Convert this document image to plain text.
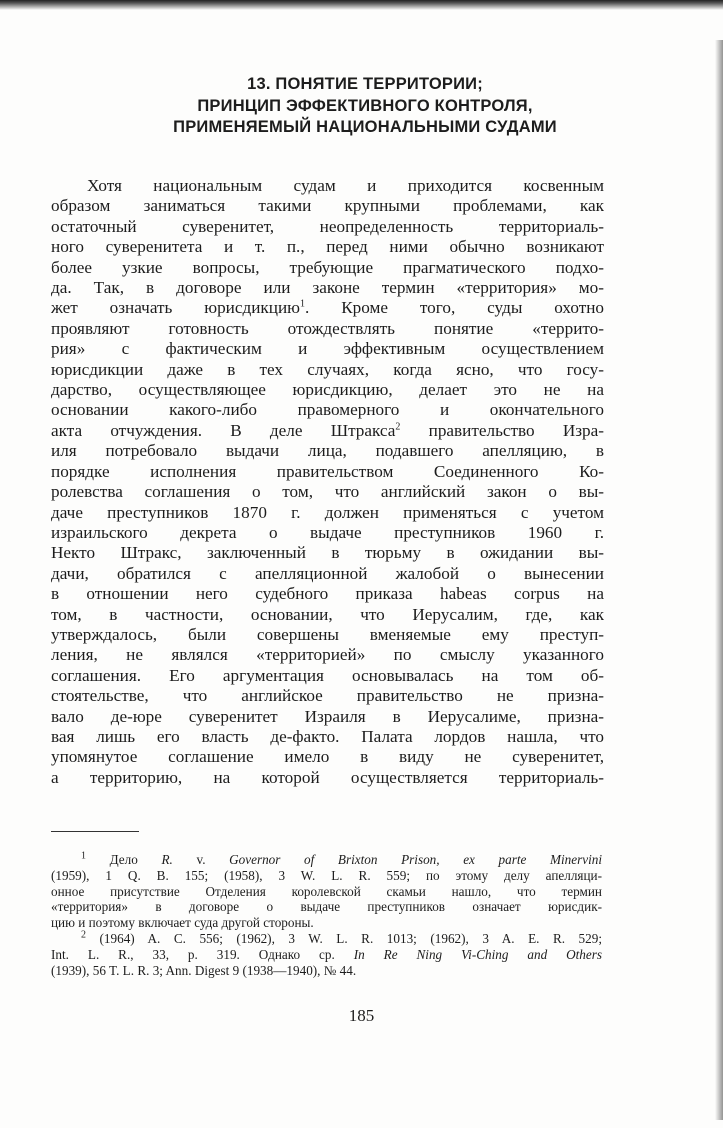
13. ПОНЯТИЕ ТЕРРИТОРИИ;
ПРИНЦИП ЭФФЕКТИВНОГО КОНТРОЛЯ,
ПРИМЕНЯЕМЫЙ НАЦИОНАЛЬНЫМИ СУДАМИ
Хотя национальным судам и приходится косвенным
образом заниматься такими крупными проблемами, как
остаточный суверенитет, неопределенность территориаль-
ного суверенитета и т. п., перед ними обычно возникают
более узкие вопросы, требующие прагматического подхо-
да. Так, в договоре или законе термин «территория» мо-
жет означать юрисдикцию$^1$. Кроме того, суды охотно
проявляют готовность отождествлять понятие «террито-
рия» с фактическим и эффективным осуществлением
юрисдикции даже в тех случаях, когда ясно, что госу-
дарство, осуществляющее юрисдикцию, делает это не на
основании какого-либо правомерного и окончательного
акта отчуждения. В деле Штракса$^2$ правительство Изра-
иля потребовало выдачи лица, подавшего апелляцию, в
порядке исполнения правительством Соединенного Ко-
ролевства соглашения о том, что английский закон о вы-
даче преступников 1870 г. должен применяться с учетом
израильского декрета о выдаче преступников 1960 г.
Некто Штракс, заключенный в тюрьму в ожидании вы-
дачи, обратился с апелляционной жалобой о вынесении
в отношении него судебного приказа habeas corpus на
том, в частности, основании, что Иерусалим, где, как
утверждалось, были совершены вменяемые ему преступ-
ления, не являлся «территорией» по смыслу указанного
соглашения. Его аргументация основывалась на том об-
стоятельстве, что английское правительство не призна-
вало де-юре суверенитет Израиля в Иерусалиме, призна-
вая лишь его власть де-факто. Палата лордов нашла, что
упомянутое соглашение имело в виду не суверенитет,
а территорию, на которой осуществляется территориаль-
$^1$ Дело R. v. Governor of Brixton Prison, ex parte Minervini
(1959), 1 Q. B. 155; (1958), 3 W. L. R. 559; по этому делу апелляци-
онное присутствие Отделения королевской скамьи нашло, что термин
«территория» в договоре о выдаче преступников означает юрисдик-
цию и поэтому включает суда другой стороны.
$^2$ (1964) A. C. 556; (1962), 3 W. L. R. 1013; (1962), 3 A. E. R. 529;
Int. L. R., 33, p. 319. Однако ср. In Re Ning Vi-Ching and Others
(1939), 56 T. L. R. 3; Ann. Digest 9 (1938—1940), № 44.
185
